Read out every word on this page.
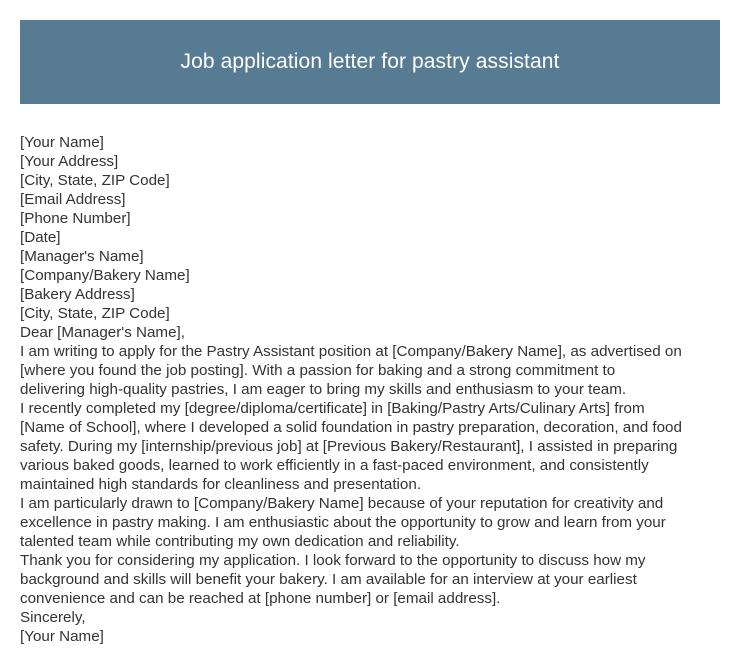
Job application letter for pastry assistant
[Your Name]
[Your Address]
[City, State, ZIP Code]
[Email Address]
[Phone Number]
[Date]
[Manager's Name]
[Company/Bakery Name]
[Bakery Address]
[City, State, ZIP Code]
Dear [Manager's Name],
I am writing to apply for the Pastry Assistant position at [Company/Bakery Name], as advertised on
[where you found the job posting]. With a passion for baking and a strong commitment to
delivering high-quality pastries, I am eager to bring my skills and enthusiasm to your team.
I recently completed my [degree/diploma/certificate] in [Baking/Pastry Arts/Culinary Arts] from
[Name of School], where I developed a solid foundation in pastry preparation, decoration, and food
safety. During my [internship/previous job] at [Previous Bakery/Restaurant], I assisted in preparing
various baked goods, learned to work efficiently in a fast-paced environment, and consistently
maintained high standards for cleanliness and presentation.
I am particularly drawn to [Company/Bakery Name] because of your reputation for creativity and
excellence in pastry making. I am enthusiastic about the opportunity to grow and learn from your
talented team while contributing my own dedication and reliability.
Thank you for considering my application. I look forward to the opportunity to discuss how my
background and skills will benefit your bakery. I am available for an interview at your earliest
convenience and can be reached at [phone number] or [email address].
Sincerely,
[Your Name]
